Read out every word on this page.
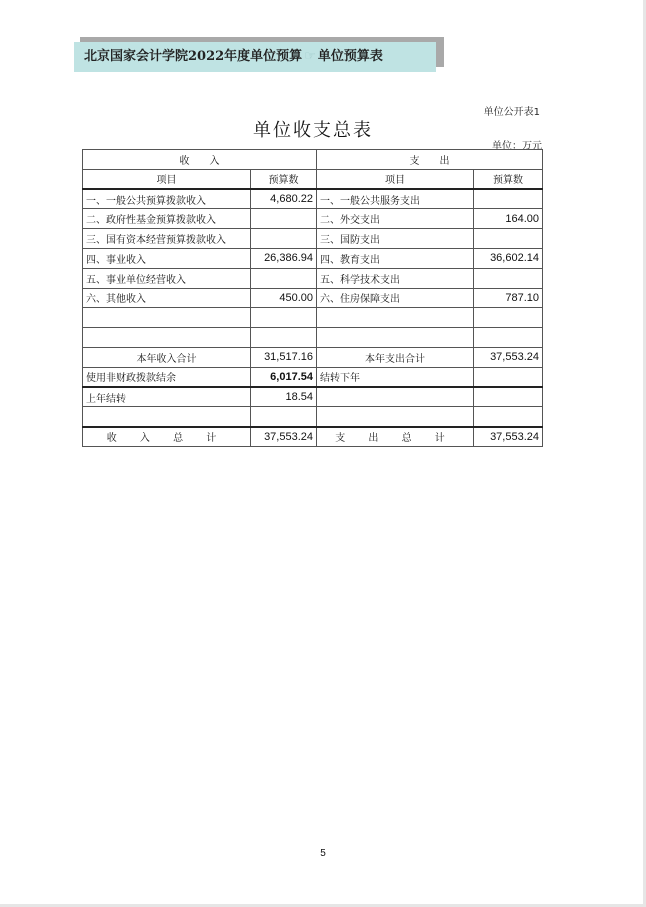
北京国家会计学院2022年度单位预算 ☞ 单位预算表
单位公开表1
单位收支总表
单位：万元
收　　入		支　　出	
项目	预算数	项目	预算数
一、一般公共预算拨款收入	4,680.22	一、一般公共服务支出	
二、政府性基金预算拨款收入		二、外交支出	164.00
三、国有资本经营预算拨款收入		三、国防支出	
四、事业收入	26,386.94	四、教育支出	36,602.14
五、事业单位经营收入		五、科学技术支出	
六、其他收入	450.00	六、住房保障支出	787.10

本年收入合计	31,517.16	本年支出合计	37,553.24
使用非财政拨款结余	6,017.54	结转下年	
上年结转	18.54		

收 入 总 计	37,553.24	支 出 总 计	37,553.24
5
